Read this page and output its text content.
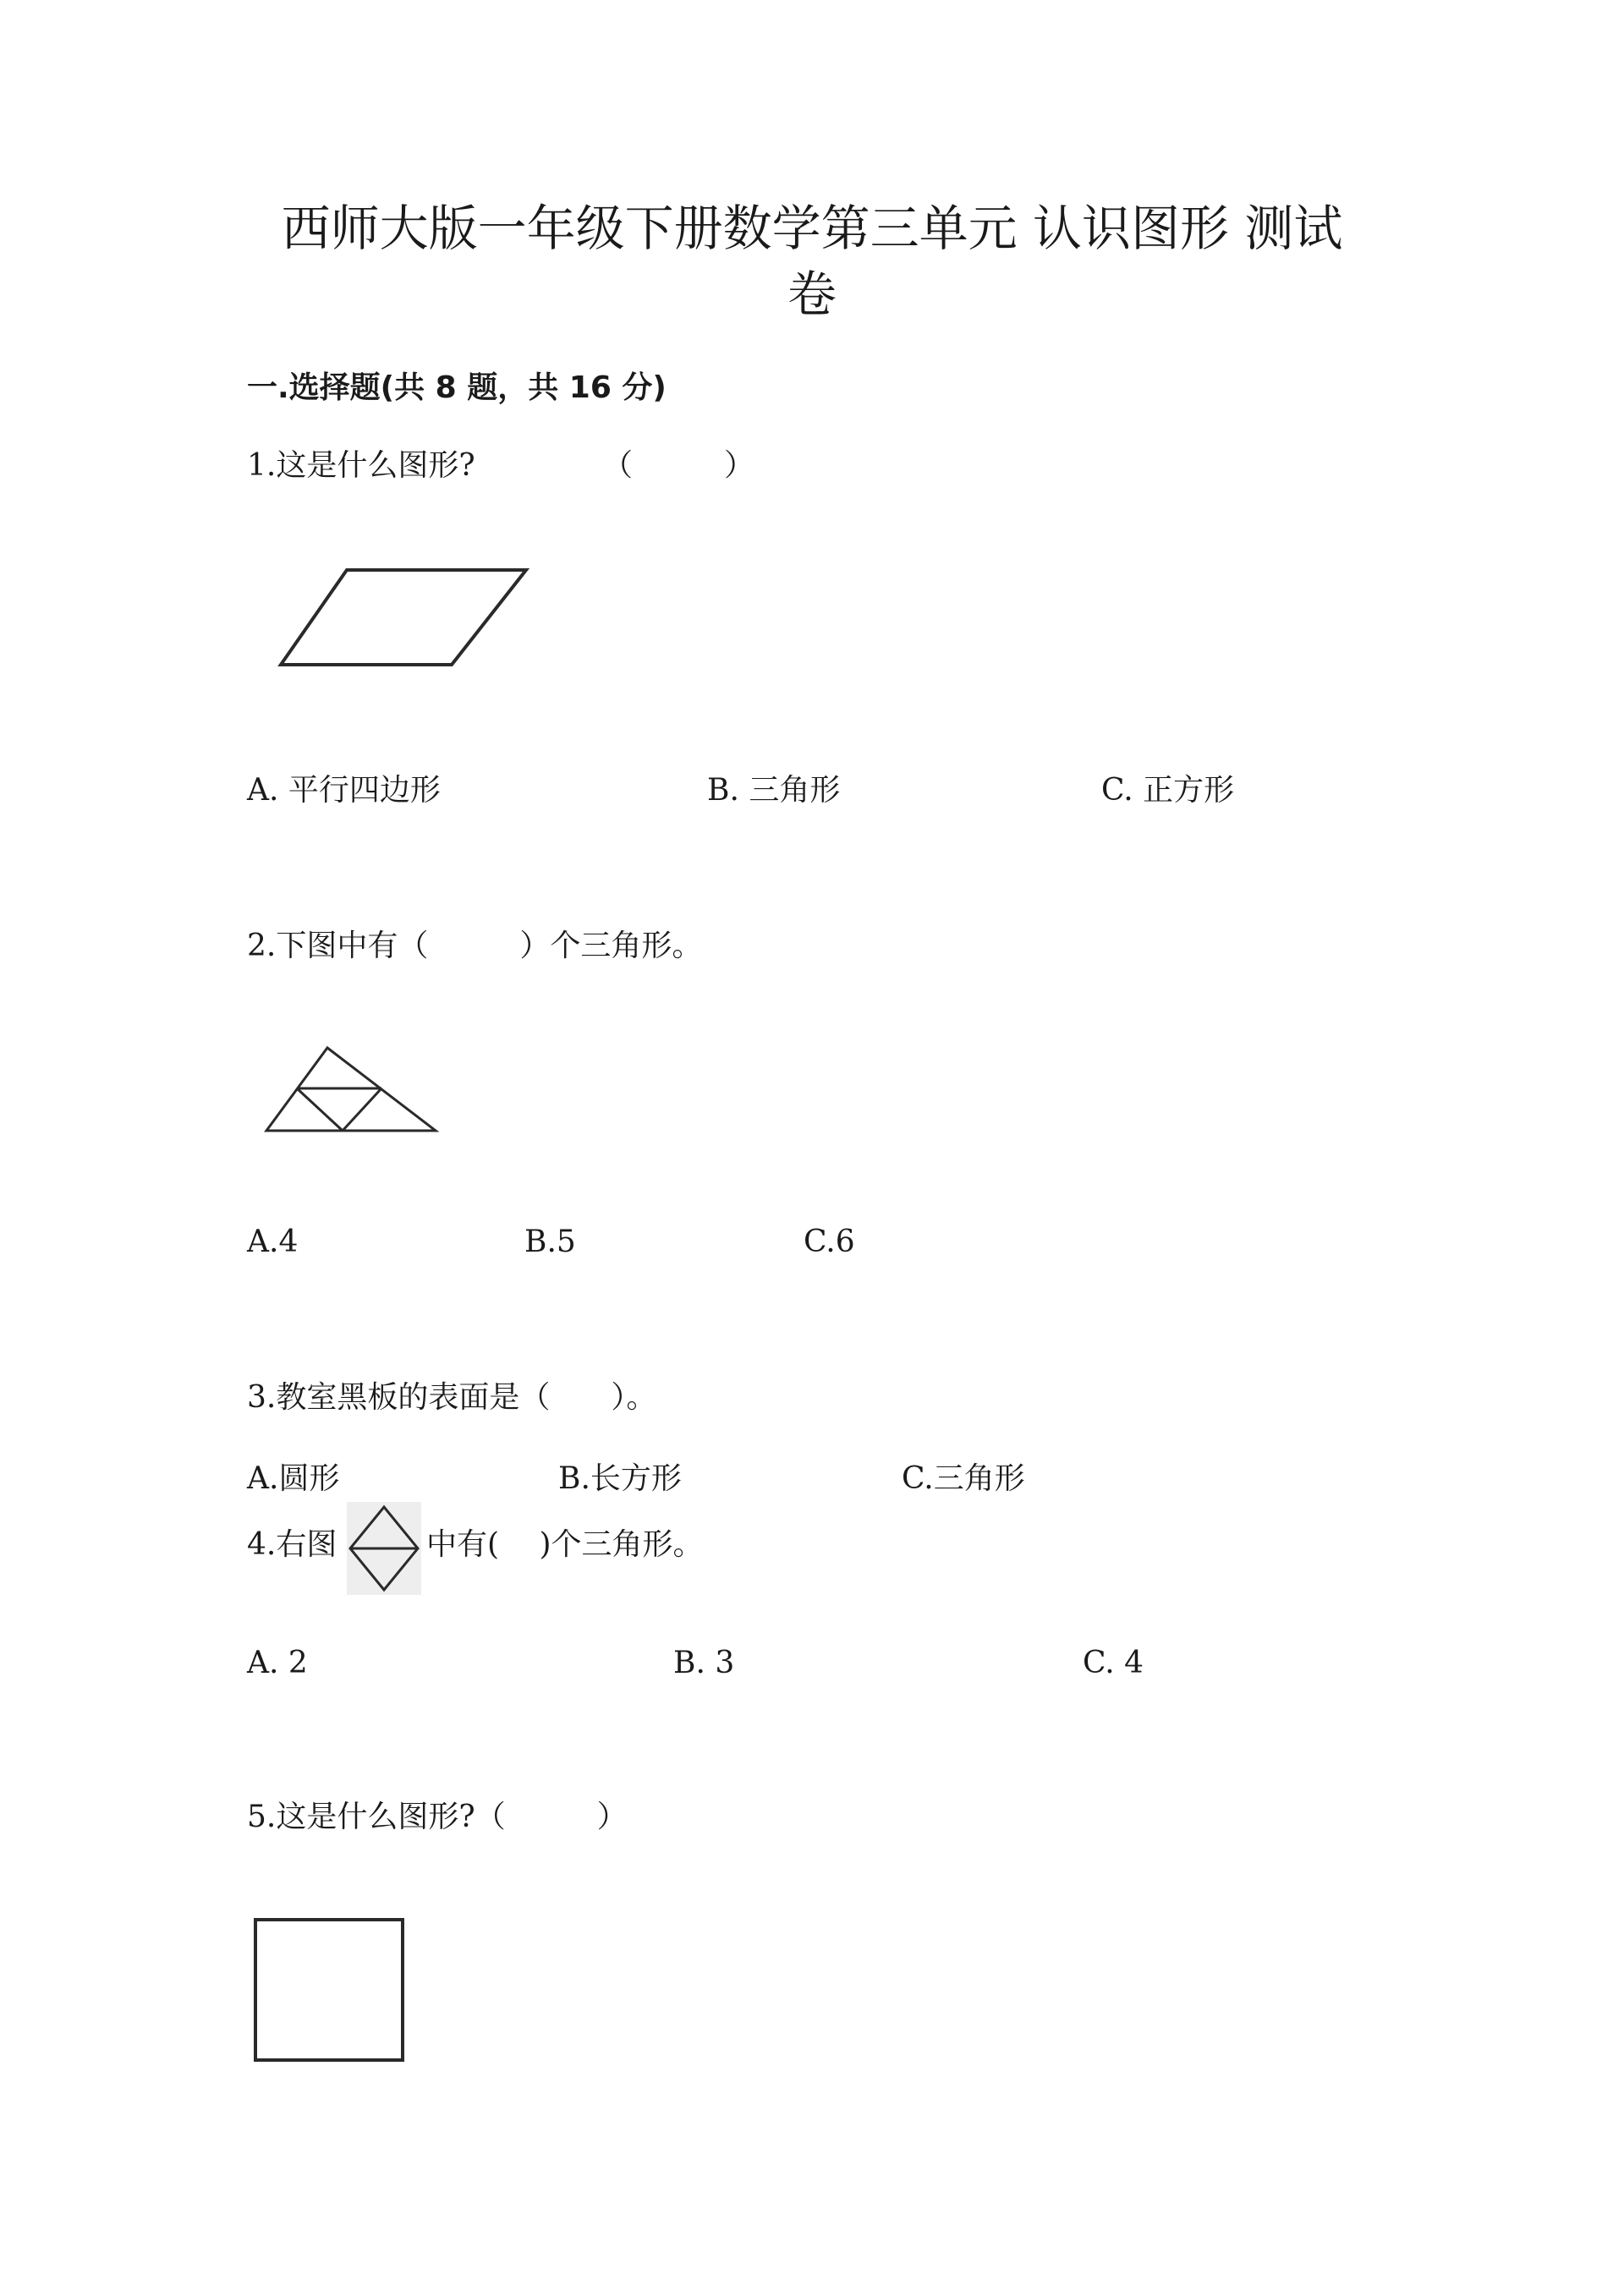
西师大版一年级下册数学第三单元 认识图形 测试
卷
一.选择题(共 8 题，共 16 分)
1.这是什么图形?	（　　　）
A. 平行四边形	B. 三角形	C. 正方形
2.下图中有（　　　）个三角形。
A.4	B.5	C.6
3.教室黑板的表面是（　　）。
A.圆形	B.长方形	C.三角形
4.右图	中有(　 )个三角形。
A. 2	B. 3	C. 4
5.这是什么图形?（　　　）
